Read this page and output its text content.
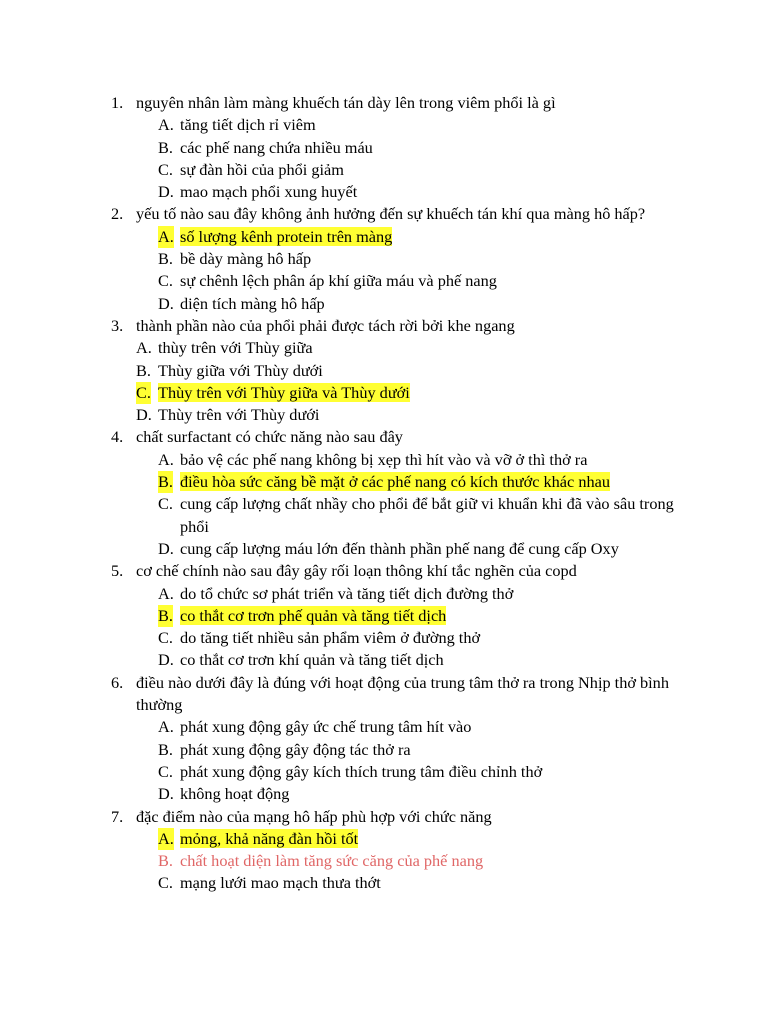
1. nguyên nhân làm màng khuếch tán dày lên trong viêm phổi là gì
A. tăng tiết dịch rỉ viêm
B. các phế nang chứa nhiều máu
C. sự đàn hồi của phổi giảm
D. mao mạch phổi xung huyết
2. yếu tố nào sau đây không ảnh hưởng đến sự khuếch tán khí qua màng hô hấp?
A. số lượng kênh protein trên màng
B. bề dày màng hô hấp
C. sự chênh lệch phân áp khí giữa máu và phế nang
D. diện tích màng hô hấp
3. thành phần nào của phổi phải được tách rời bởi khe ngang
A. thùy trên với Thùy giữa
B. Thùy giữa với Thùy dưới
C. Thùy trên với Thùy giữa và Thùy dưới
D. Thùy trên với Thùy dưới
4. chất surfactant có chức năng nào sau đây
A. bảo vệ các phế nang không bị xẹp thì hít vào và vỡ ở thì thở ra
B. điều hòa sức căng bề mặt ở các phế nang có kích thước khác nhau
C. cung cấp lượng chất nhầy cho phổi để bắt giữ vi khuẩn khi đã vào sâu trong phổi
D. cung cấp lượng máu lớn đến thành phần phế nang để cung cấp Oxy
5. cơ chế chính nào sau đây gây rối loạn thông khí tắc nghẽn của copd
A. do tổ chức sơ phát triển và tăng tiết dịch đường thở
B. co thắt cơ trơn phế quản và tăng tiết dịch
C. do tăng tiết nhiều sản phẩm viêm ở đường thở
D. co thắt cơ trơn khí quản và tăng tiết dịch
6. điều nào dưới đây là đúng với hoạt động của trung tâm thở ra trong Nhịp thở bình thường
A. phát xung động gây ức chế trung tâm hít vào
B. phát xung động gây động tác thở ra
C. phát xung động gây kích thích trung tâm điều chỉnh thở
D. không hoạt động
7. đặc điểm nào của mạng hô hấp phù hợp với chức năng
A. mỏng, khả năng đàn hồi tốt
B. chất hoạt diện làm tăng sức căng của phế nang
C. mạng lưới mao mạch thưa thớt
